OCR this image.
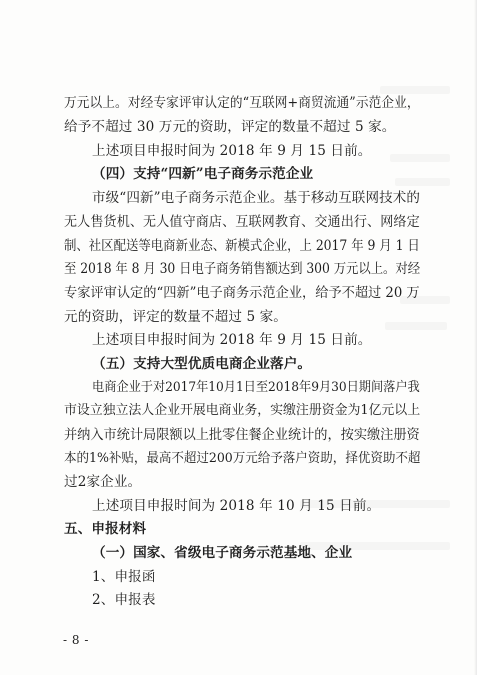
万元以上。对经专家评审认定的“互联网+商贸流通”示范企业，
给予不超过 30 万元的资助，评定的数量不超过 5 家。
上述项目申报时间为 2018 年 9 月 15 日前。
（四）支持“四新”电子商务示范企业
市级“四新”电子商务示范企业。基于移动互联网技术的
无人售货机、无人值守商店、互联网教育、交通出行、网络定
制、社区配送等电商新业态、新模式企业，上 2017 年 9 月 1 日
至 2018 年 8 月 30 日电子商务销售额达到 300 万元以上。对经
专家评审认定的“四新”电子商务示范企业，给予不超过 20 万
元的资助，评定的数量不超过 5 家。
上述项目申报时间为 2018 年 9 月 15 日前。
（五）支持大型优质电商企业落户。
电商企业于对2017年10月1日至2018年9月30日期间落户我
市设立独立法人企业开展电商业务，实缴注册资金为1亿元以上
并纳入市统计局限额以上批零住餐企业统计的，按实缴注册资
本的1%补贴，最高不超过200万元给予落户资助，择优资助不超
过2家企业。
上述项目申报时间为 2018 年 10 月 15 日前。
五、申报材料
（一）国家、省级电子商务示范基地、企业
1、申报函
2、申报表
- 8 -
